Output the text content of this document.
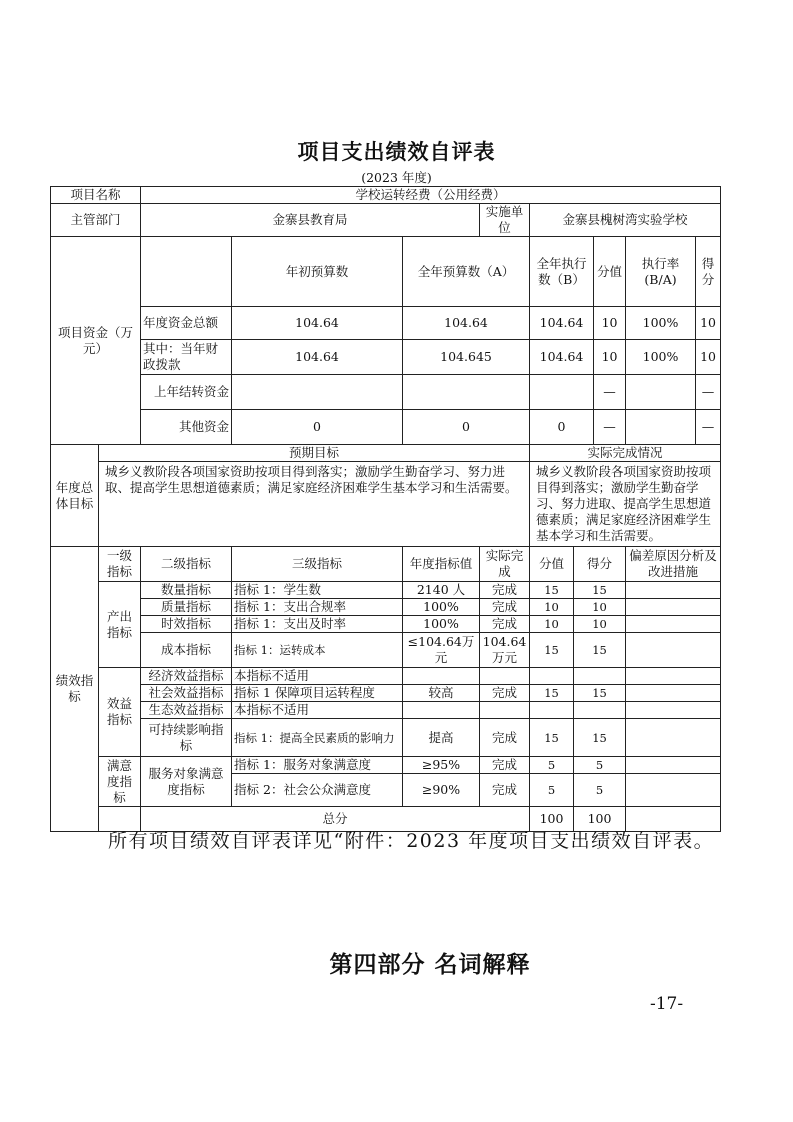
项目支出绩效自评表
(2023 年度)
项目名称		学校运转经费（公用经费）								
主管部门		金寨县教育局			实施单位	金寨县槐树湾实验学校				
项目资金（万元）			年初预算数	全年预算数（A）		全年执行数（B）		分值	执行率(B/A)	得分
		年度资金总额	104.64	104.64		104.64		10	100%	10
		其中：当年财政拨款	104.64	104.645		104.64		10	100%	10
		上年结转资金						—		—
		其他资金	0	0		0		—		—
年度总体目标	预期目标					实际完成情况				
	城乡义教阶段各项国家资助按项目得到落实；激励学生勤奋学习、努力进取、提高学生思想道德素质；满足家庭经济困难学生基本学习和生活需要。					城乡义教阶段各项国家资助按项目得到落实；激励学生勤奋学习、努力进取、提高学生思想道德素质；满足家庭经济困难学生基本学习和生活需要。				
绩效指标	一级指标	二级指标	三级指标	年度指标值	实际完成	分值	得分		偏差原因分析及改进措施	
	产出指标	数量指标	指标 1：学生数	2140 人	完成	15	15			
		质量指标	指标 1：支出合规率	100%	完成	10	10			
		时效指标	指标 1：支出及时率	100%	完成	10	10			
		成本指标	指标 1：运转成本	≤104.64万元	104.64 万元	15	15			
	效益指标	经济效益指标	本指标不适用							
		社会效益指标	指标 1 保障项目运转程度	较高	完成	15	15			
		生态效益指标	本指标不适用							
		可持续影响指标	指标 1：提高全民素质的影响力	提高	完成	15	15			
	满意度指标	服务对象满意度指标	指标 1：服务对象满意度	≥95%	完成	5	5			
			指标 2：社会公众满意度	≥90%	完成	5	5			
		总分				100	100			
所有项目绩效自评表详见“附件：2023 年度项目支出绩效自评表。
第四部分 名词解释
-17-
